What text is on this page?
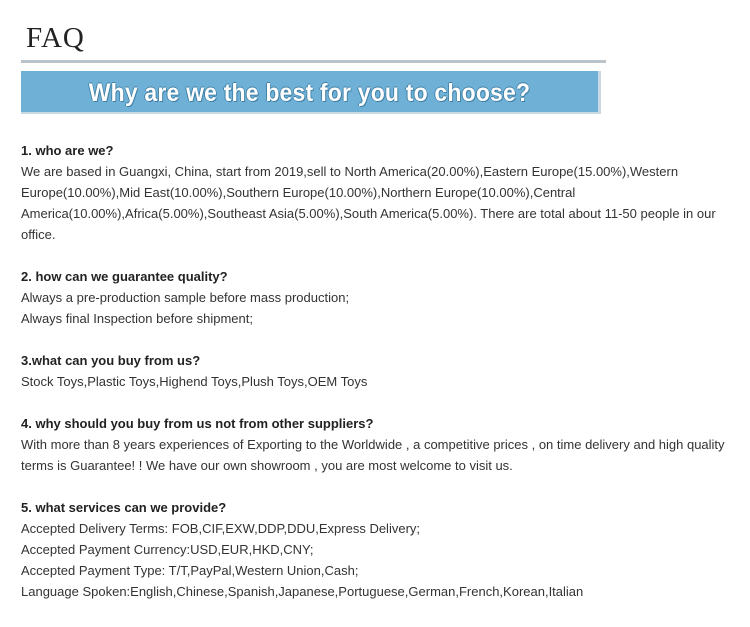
FAQ
Why are we the best for you to choose?

1. who are we?

We are based in Guangxi, China, start from 2019,sell to North America(20.00%),Eastern Europe(15.00%),Western Europe(10.00%),Mid East(10.00%),Southern Europe(10.00%),Northern Europe(10.00%),Central America(10.00%),Africa(5.00%),Southeast Asia(5.00%),South America(5.00%). There are total about 11-50 people in our office.

2. how can we guarantee quality?

Always a pre-production sample before mass production;

Always final Inspection before shipment;

3.what can you buy from us?

Stock Toys,Plastic Toys,Highend Toys,Plush Toys,OEM Toys

4. why should you buy from us not from other suppliers?

With more than 8 years experiences of Exporting to the Worldwide , a competitive prices , on time delivery and high quality terms is Guarantee! ! We have our own showroom , you are most welcome to visit us.

5. what services can we provide?

Accepted Delivery Terms: FOB,CIF,EXW,DDP,DDU,Express Delivery;

Accepted Payment Currency:USD,EUR,HKD,CNY;

Accepted Payment Type: T/T,PayPal,Western Union,Cash;

Language Spoken:English,Chinese,Spanish,Japanese,Portuguese,German,French,Korean,Italian
